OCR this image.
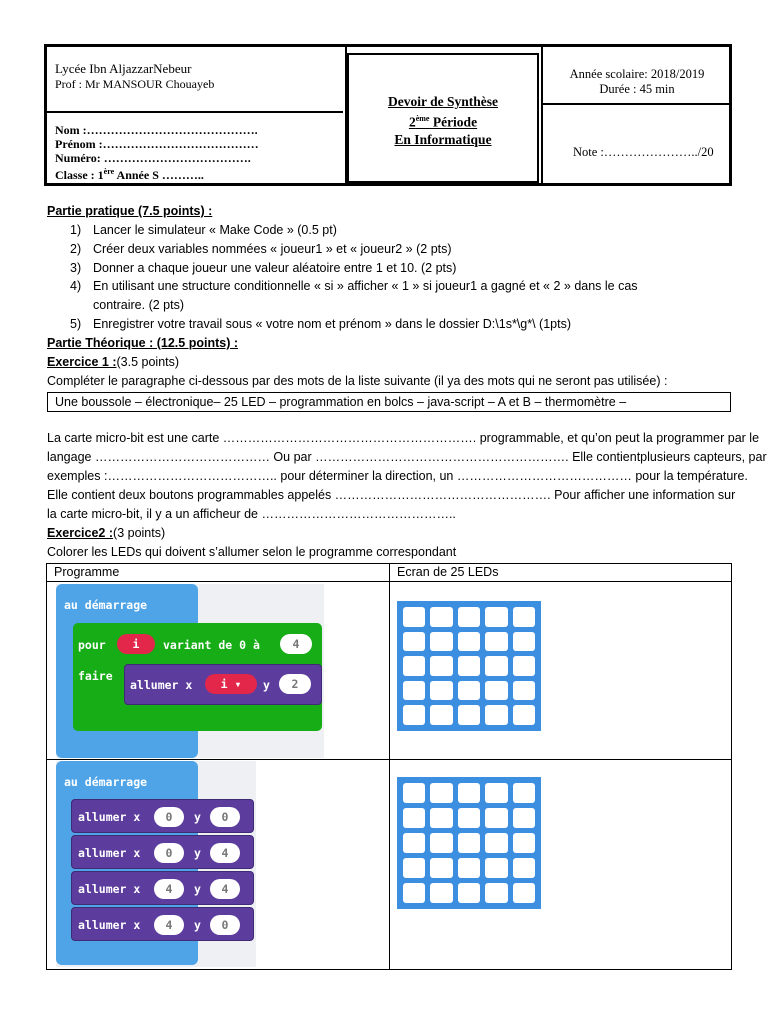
Lycée Ibn AljazzarNebeur
Prof : Mr MANSOUR Chouayeb
Nom :…………………………………….
Prénom :…………………………………
Numéro: ……………………………….
Classe : 1ère Année S ………..
Devoir de Synthèse
2ème Période
En Informatique
Année scolaire: 2018/2019
Durée : 45 min
Note :…………………../20
Partie pratique (7.5 points) :
1) Lancer le simulateur « Make Code » (0.5 pt)
2) Créer deux variables nommées « joueur1 » et « joueur2 » (2 pts)
3) Donner a chaque joueur une valeur aléatoire entre 1 et 10. (2 pts)
4) En utilisant une structure conditionnelle « si » afficher « 1 » si joueur1 a gagné et « 2 » dans le cas
contraire. (2 pts)
5) Enregistrer votre travail sous « votre nom et prénom » dans le dossier D:\1s*\g*\ (1pts)
Partie Théorique : (12.5 points) :
Exercice 1 :(3.5 points)
Compléter le paragraphe ci-dessous par des mots de la liste suivante (il ya des mots qui ne seront pas utilisée) :
Une boussole – électronique– 25 LED – programmation en bolcs – java-script – A et B – thermomètre –
La carte micro-bit est une carte ……………………………………………………. programmable, et qu’on peut la programmer par le
langage …………………………………… Ou par ……………………………………………………. Elle contientplusieurs capteurs, par
exemples :………………………………….. pour déterminer la direction, un …………………………………… pour la température.
Elle contient deux boutons programmables appelés ……………………………………………. Pour afficher une information sur
la carte micro-bit, il y a un afficheur de ………………………………………..
Exercice2 :(3 points)
Colorer les LEDs qui doivent s’allumer selon le programme correspondant
Programme	Ecran de 25 LEDs
au démarrage
pour	i	variant de 0 à	4
faire
allumer x	i ▾	y	2
au démarrage
allumer x	0	y	0
allumer x	0	y	4
allumer x	4	y	4
allumer x	4	y	0
